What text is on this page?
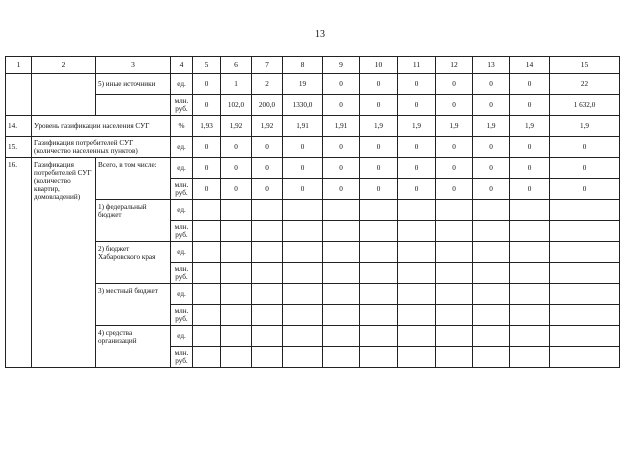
13
1	2	3	4	5	6	7	8	9	10	11	12	13	14	15
		5) иные источники	ед.	0	1	2	19	0	0	0	0	0	0	22
			млн. руб.	0	102,0	200,0	1330,0	0	0	0	0	0	0	1 632,0
14.	Уровень газификации населения СУГ		%	1,93	1,92	1,92	1,91	1,91	1,9	1,9	1,9	1,9	1,9	1,9
15.	Газификация потребителей СУГ (количество населенных пунктов)		ед.	0	0	0	0	0	0	0	0	0	0	0
16.	Газификация потребителей СУГ (количество квартир, домовладений)	Всего, в том числе:	ед.	0	0	0	0	0	0	0	0	0	0	0
			млн. руб.	0	0	0	0	0	0	0	0	0	0	0
		1) федеральный бюджет	ед.											
			млн. руб.											
		2) бюджет Хабаровского края	ед.											
			млн. руб.											
		3) местный бюджет	ед.											
			млн. руб.											
		4) средства организаций	ед.											
			млн. руб.											
